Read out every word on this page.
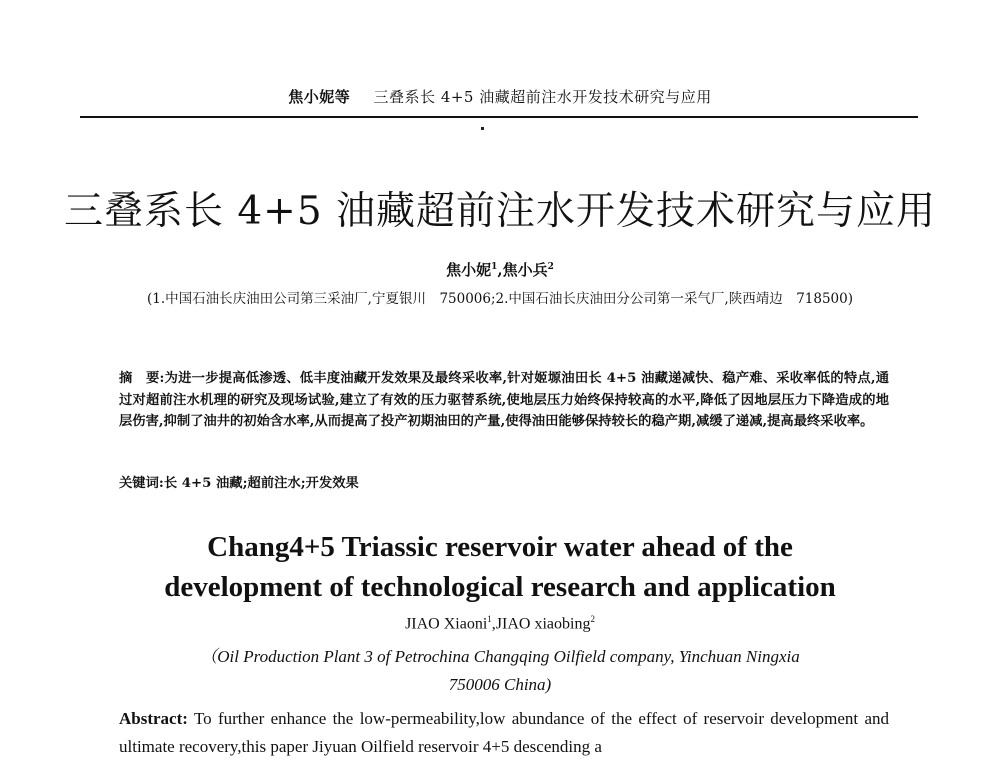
焦小妮等 三叠系长 4+5 油藏超前注水开发技术研究与应用
三叠系长 4+5 油藏超前注水开发技术研究与应用
焦小妮$^1$,焦小兵$^2$
(1.中国石油长庆油田公司第三采油厂,宁夏银川　750006;2.中国石油长庆油田分公司第一采气厂,陕西靖边　718500)

摘　要:为进一步提高低渗透、低丰度油藏开发效果及最终采收率,针对姬塬油田长 4+5 油藏递减快、稳产难、采收率低的特点,通过对超前注水机理的研究及现场试验,建立了有效的压力驱替系统,使地层压力始终保持较高的水平,降低了因地层压力下降造成的地层伤害,抑制了油井的初始含水率,从而提高了投产初期油田的产量,使得油田能够保持较长的稳产期,减缓了递减,提高最终采收率。

关键词:长 4+5 油藏;超前注水;开发效果

Chang4+5 Triassic reservoir water ahead of the
development of technological research and application
JIAO Xiaoni$^1$,JIAO xiaobing$^2$
（Oil Production Plant 3 of Petrochina Changqing Oilfield company, Yinchuan Ningxia
750006 China)

Abstract: To further enhance the low-permeability,low abundance of the effect of reservoir development and ultimate recovery,this paper Jiyuan Oilfield reservoir 4+5 descending a
